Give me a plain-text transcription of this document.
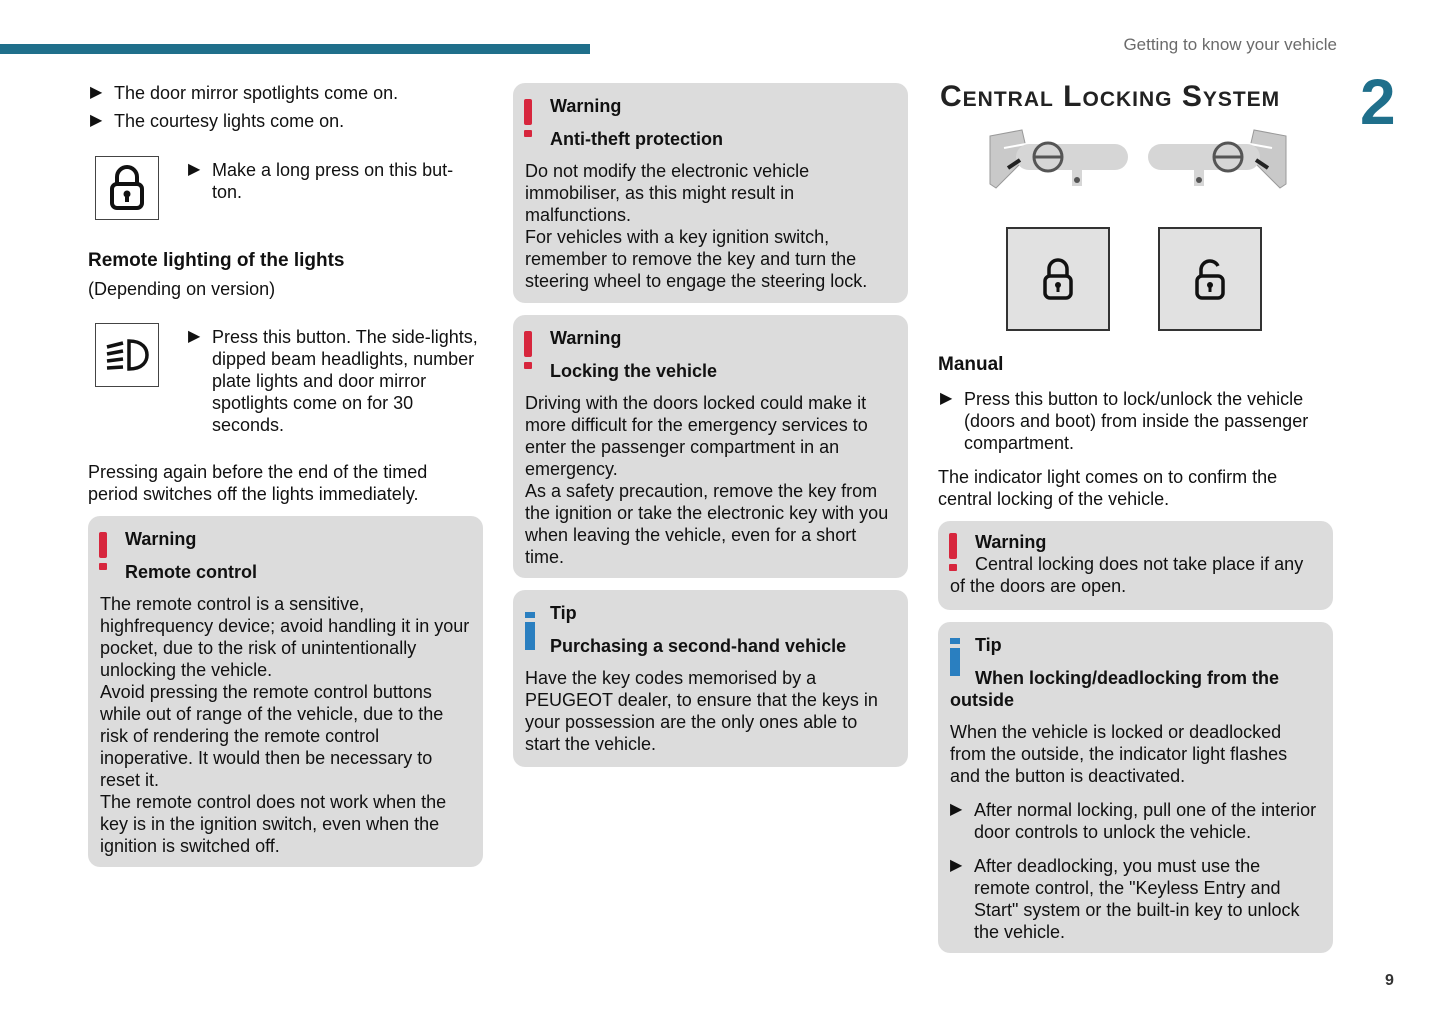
Getting to know your vehicle
2
9
▶ The door mirror spotlights come on.
▶ The courtesy lights come on.
▶ Make a long press on this but-ton.
Remote lighting of the lights
(Depending on version)
▶ Press this button. The side-lights, dipped beam headlights, number plate lights and door mirror spotlights come on for 30 seconds.
Pressing again before the end of the timed period switches off the lights immediately.
Warning
Remote control
The remote control is a sensitive, highfrequency device; avoid handling it in your pocket, due to the risk of unintentionally unlocking the vehicle.
Avoid pressing the remote control buttons while out of range of the vehicle, due to the risk of rendering the remote control inoperative. It would then be necessary to reset it.
The remote control does not work when the key is in the ignition switch, even when the ignition is switched off.
Warning
Anti-theft protection
Do not modify the electronic vehicle immobiliser, as this might result in malfunctions.
For vehicles with a key ignition switch, remember to remove the key and turn the steering wheel to engage the steering lock.
Warning
Locking the vehicle
Driving with the doors locked could make it more difficult for the emergency services to enter the passenger compartment in an emergency.
As a safety precaution, remove the key from the ignition or take the electronic key with you when leaving the vehicle, even for a short time.
Tip
Purchasing a second-hand vehicle
Have the key codes memorised by a PEUGEOT dealer, to ensure that the keys in your possession are the only ones able to start the vehicle.
Central Locking System
Manual
▶ Press this button to lock/unlock the vehicle (doors and boot) from inside the passenger compartment.
The indicator light comes on to confirm the central locking of the vehicle.
Warning
Central locking does not take place if any of the doors are open.
Tip
When locking/deadlocking from the outside
When the vehicle is locked or deadlocked from the outside, the indicator light flashes and the button is deactivated.
▶ After normal locking, pull one of the interior door controls to unlock the vehicle.
▶ After deadlocking, you must use the remote control, the "Keyless Entry and Start" system or the built-in key to unlock the vehicle.
